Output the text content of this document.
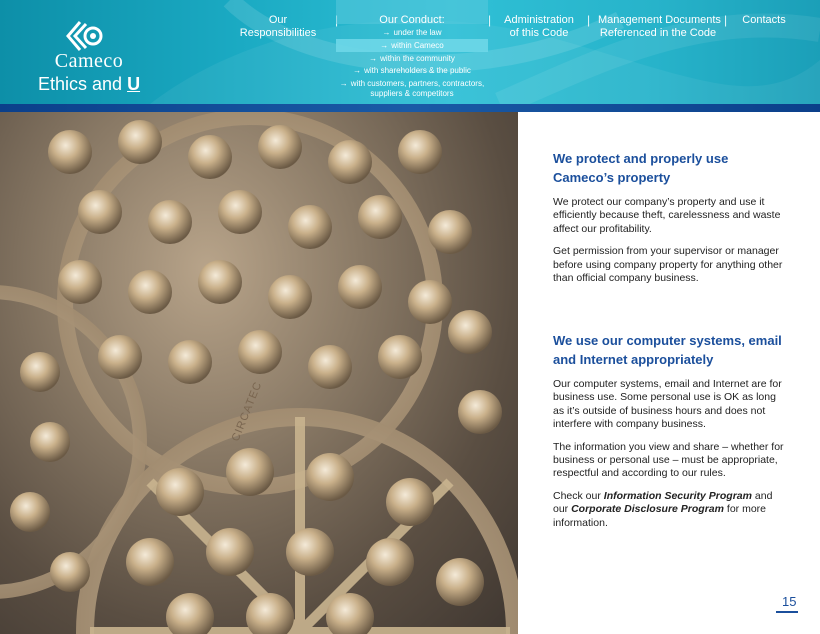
Cameco
Ethics and U
Our Responsibilities
Our Conduct:	|	Administration
of this Code
| Management Documents
Referenced in the Code
| Contacts
→ under the law
→ within Cameco
→ within the community
→ with shareholders & the public
→ with customers, partners, contractors,
suppliers & competitors
CIRCATEC
We protect and properly use Cameco’s property
We protect our company’s property and use it efficiently because theft, carelessness and waste affect our profitability.
Get permission from your supervisor or manager before using company property for anything other than official company business.
We use our computer systems, email and Internet appropriately
Our computer systems, email and Internet are for business use. Some personal use is OK as long as it’s outside of business hours and does not interfere with company business.
The information you view and share – whether for business or personal use – must be appropriate, respectful and according to our rules.
Check our Information Security Program and our Corporate Disclosure Program for more information.
15
